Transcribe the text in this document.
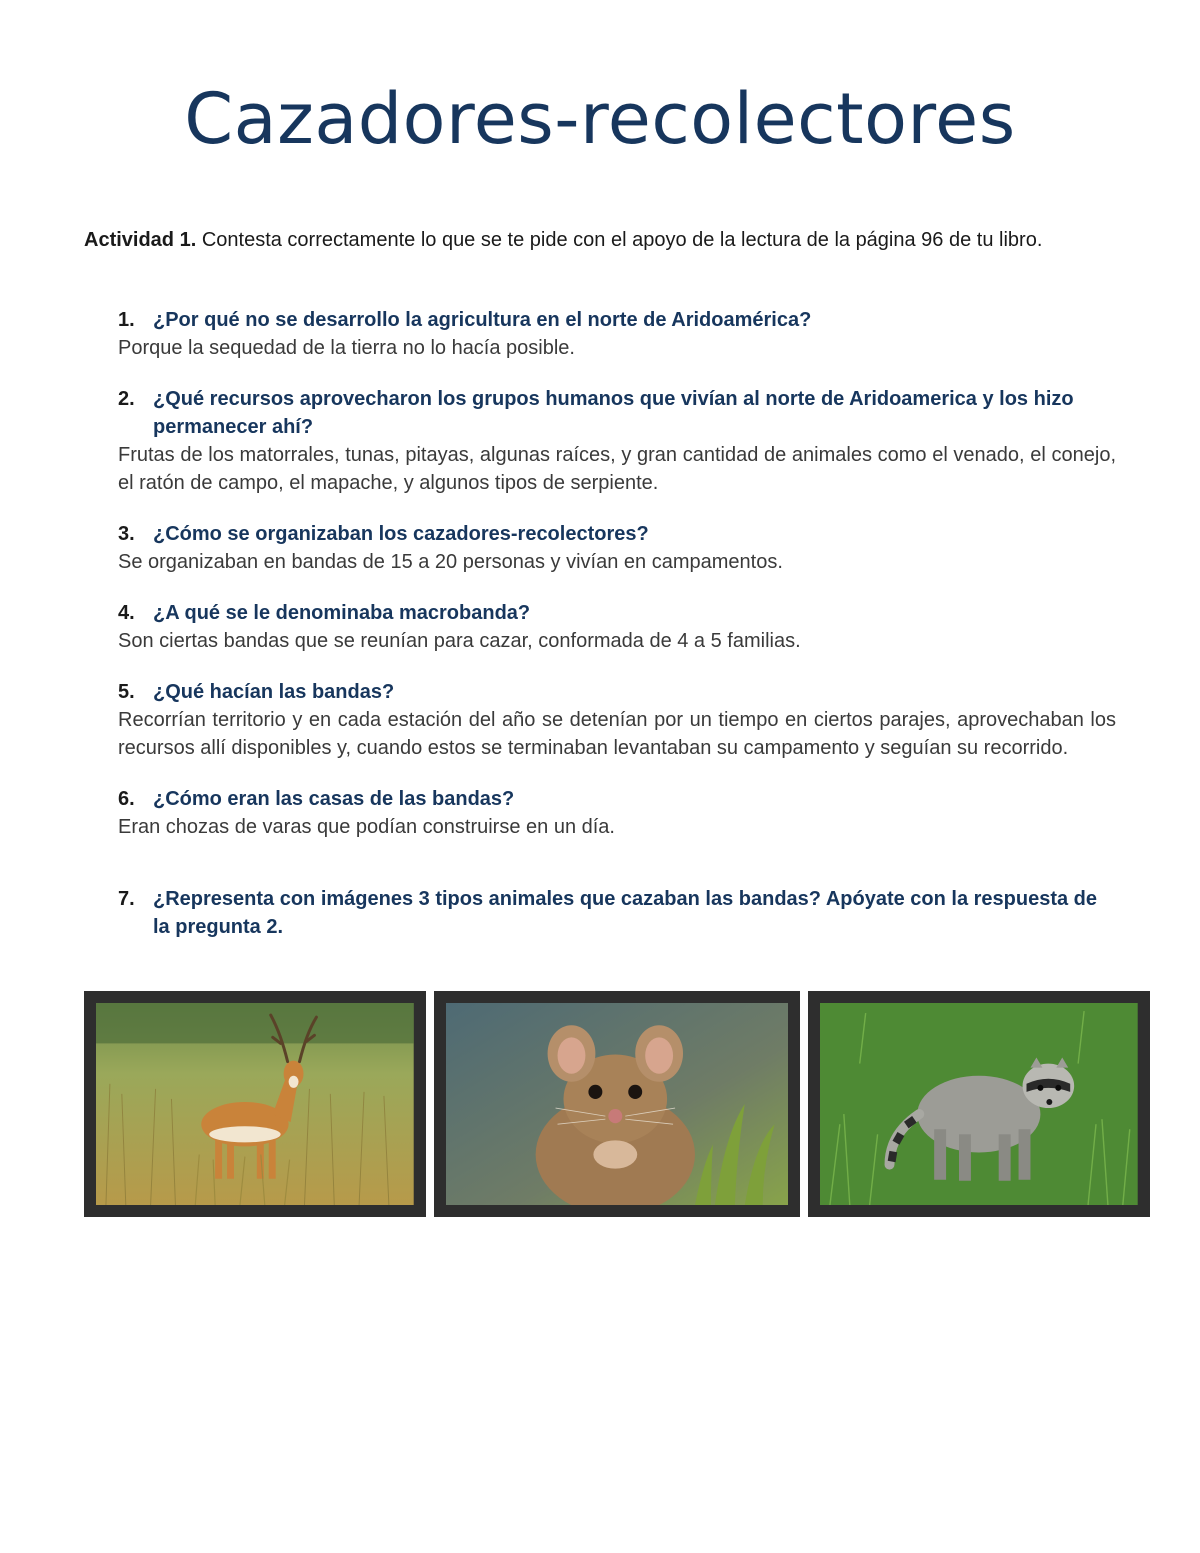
Cazadores-recolectores

Actividad 1. Contesta correctamente lo que se te pide con el apoyo de la lectura de la página 96 de tu libro.

1. ¿Por qué no se desarrollo la agricultura en el norte de Aridoamérica?
Porque la sequedad de la tierra no lo hacía posible.
2. ¿Qué recursos aprovecharon los grupos humanos que vivían al norte de Aridoamerica y los hizo permanecer ahí?
Frutas de los matorrales, tunas, pitayas, algunas raíces, y gran cantidad de animales como el venado, el conejo, el ratón de campo, el mapache, y algunos tipos de serpiente.
3. ¿Cómo se organizaban los cazadores-recolectores?
Se organizaban en bandas de 15 a 20 personas y vivían en campamentos.
4. ¿A qué se le denominaba macrobanda?
Son ciertas bandas que se reunían para cazar, conformada de 4 a 5 familias.
5. ¿Qué hacían las bandas?
Recorrían territorio y en cada estación del año se detenían por un tiempo en ciertos parajes, aprovechaban los recursos allí disponibles y, cuando estos se terminaban levantaban su campamento y seguían su recorrido.
6. ¿Cómo eran las casas de las bandas?
Eran chozas de varas que podían construirse en un día.
7. ¿Representa con imágenes 3 tipos animales que cazaban las bandas? Apóyate con la respuesta de la pregunta 2.
